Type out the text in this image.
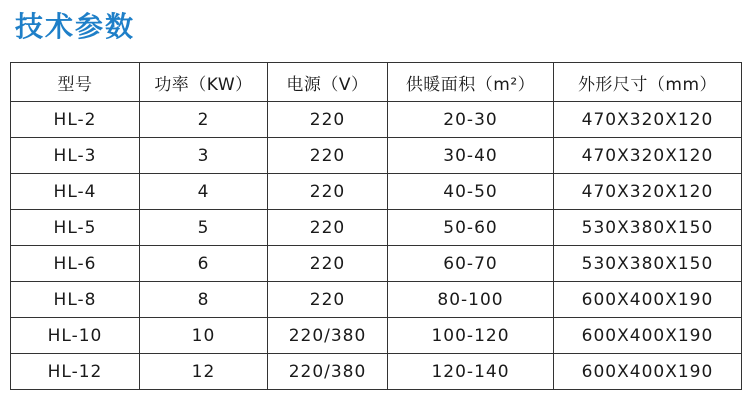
技术参数
型号	功率（KW）	电源（V）	供暖面积（m²）	外形尺寸（mm）
HL-2	2	220	20-30	470X320X120
HL-3	3	220	30-40	470X320X120
HL-4	4	220	40-50	470X320X120
HL-5	5	220	50-60	530X380X150
HL-6	6	220	60-70	530X380X150
HL-8	8	220	80-100	600X400X190
HL-10	10	220/380	100-120	600X400X190
HL-12	12	220/380	120-140	600X400X190
